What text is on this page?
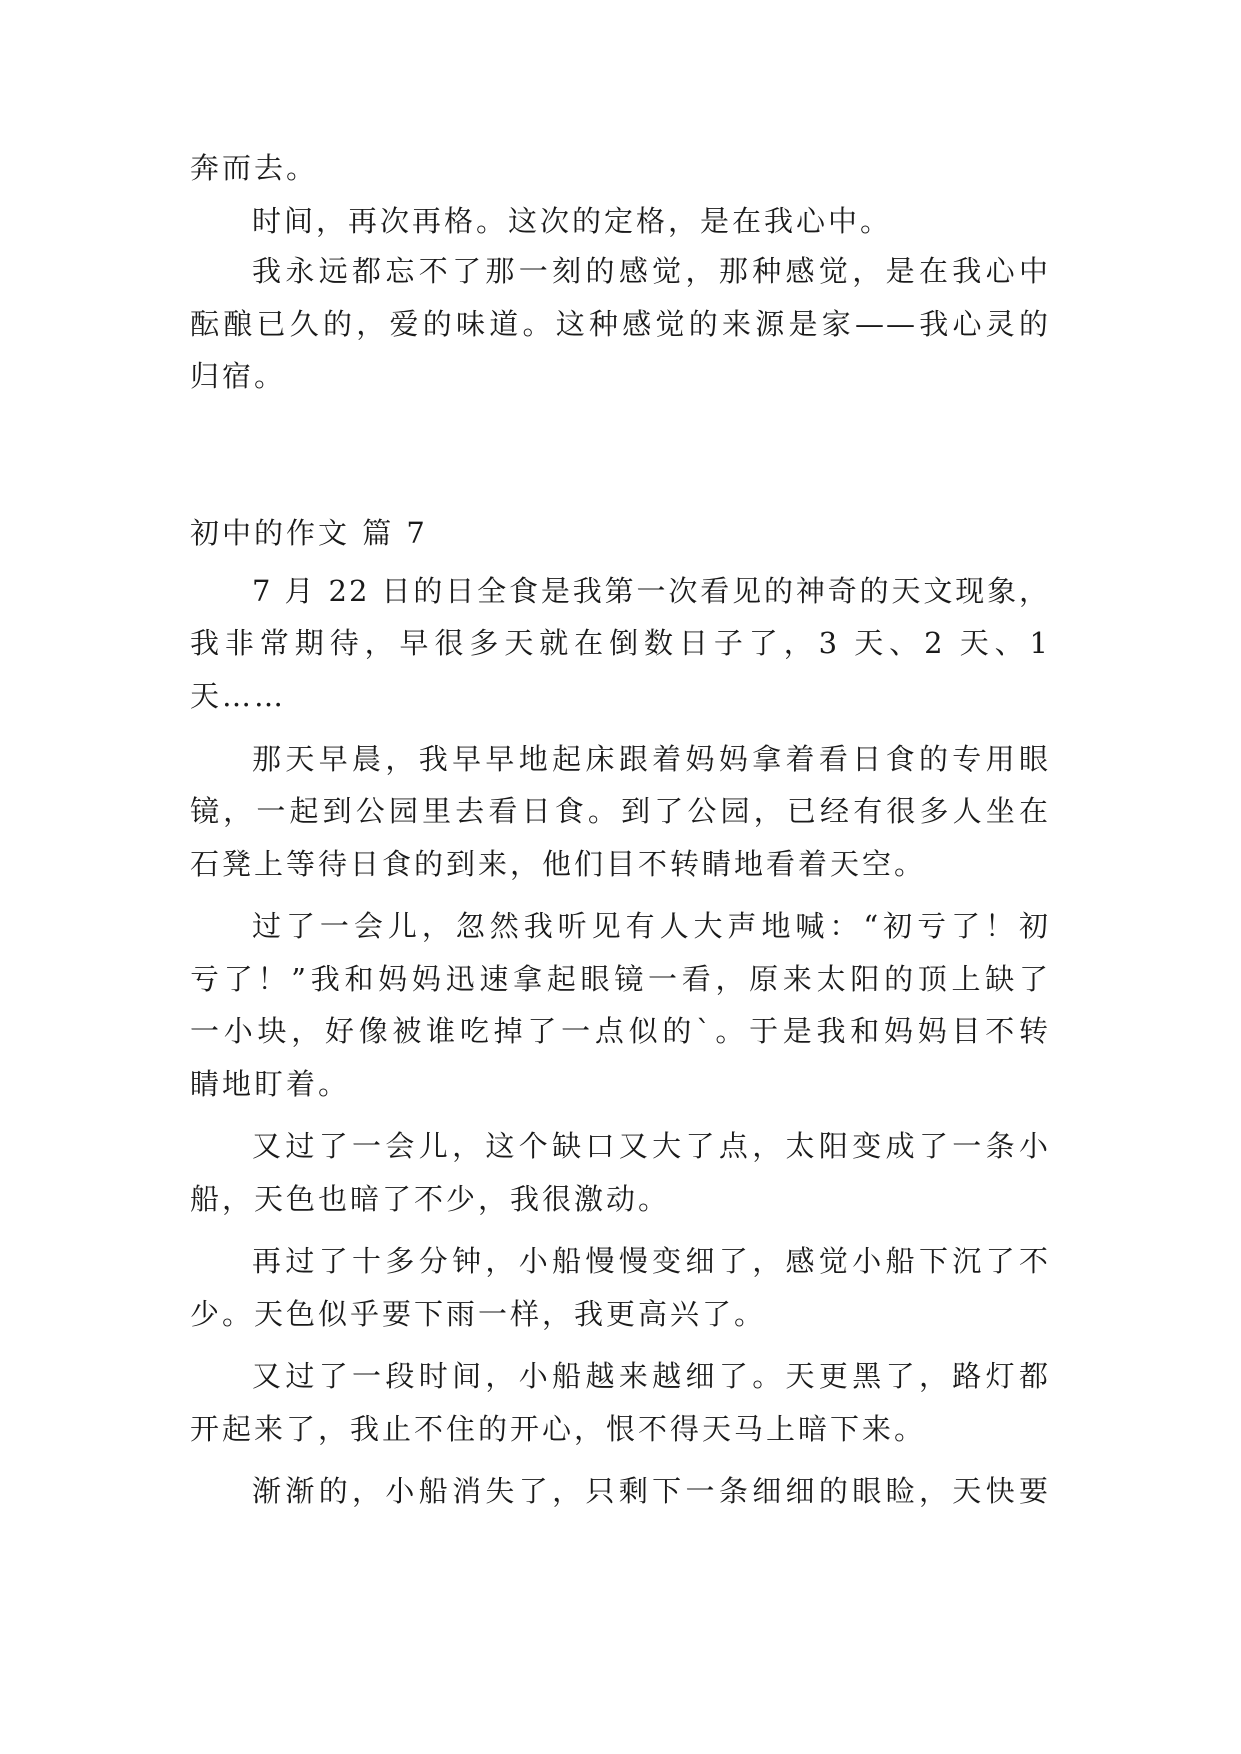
奔而去。
时间，再次再格。这次的定格，是在我心中。
我永远都忘不了那一刻的感觉，那种感觉，是在我心中
酝酿已久的，爱的味道。这种感觉的来源是家——我心灵的
归宿。
初中的作文 篇 7
7 月 22 日的日全食是我第一次看见的神奇的天文现象，
我非常期待，早很多天就在倒数日子了，3 天、2 天、1
天……
那天早晨，我早早地起床跟着妈妈拿着看日食的专用眼
镜，一起到公园里去看日食。到了公园，已经有很多人坐在
石凳上等待日食的到来，他们目不转睛地看着天空。
过了一会儿，忽然我听见有人大声地喊：“初亏了！初
亏了！”我和妈妈迅速拿起眼镜一看，原来太阳的顶上缺了
一小块，好像被谁吃掉了一点似的`。于是我和妈妈目不转
睛地盯着。
又过了一会儿，这个缺口又大了点，太阳变成了一条小
船，天色也暗了不少，我很激动。
再过了十多分钟，小船慢慢变细了，感觉小船下沉了不
少。天色似乎要下雨一样，我更高兴了。
又过了一段时间，小船越来越细了。天更黑了，路灯都
开起来了，我止不住的开心，恨不得天马上暗下来。
渐渐的，小船消失了，只剩下一条细细的眼睑，天快要
